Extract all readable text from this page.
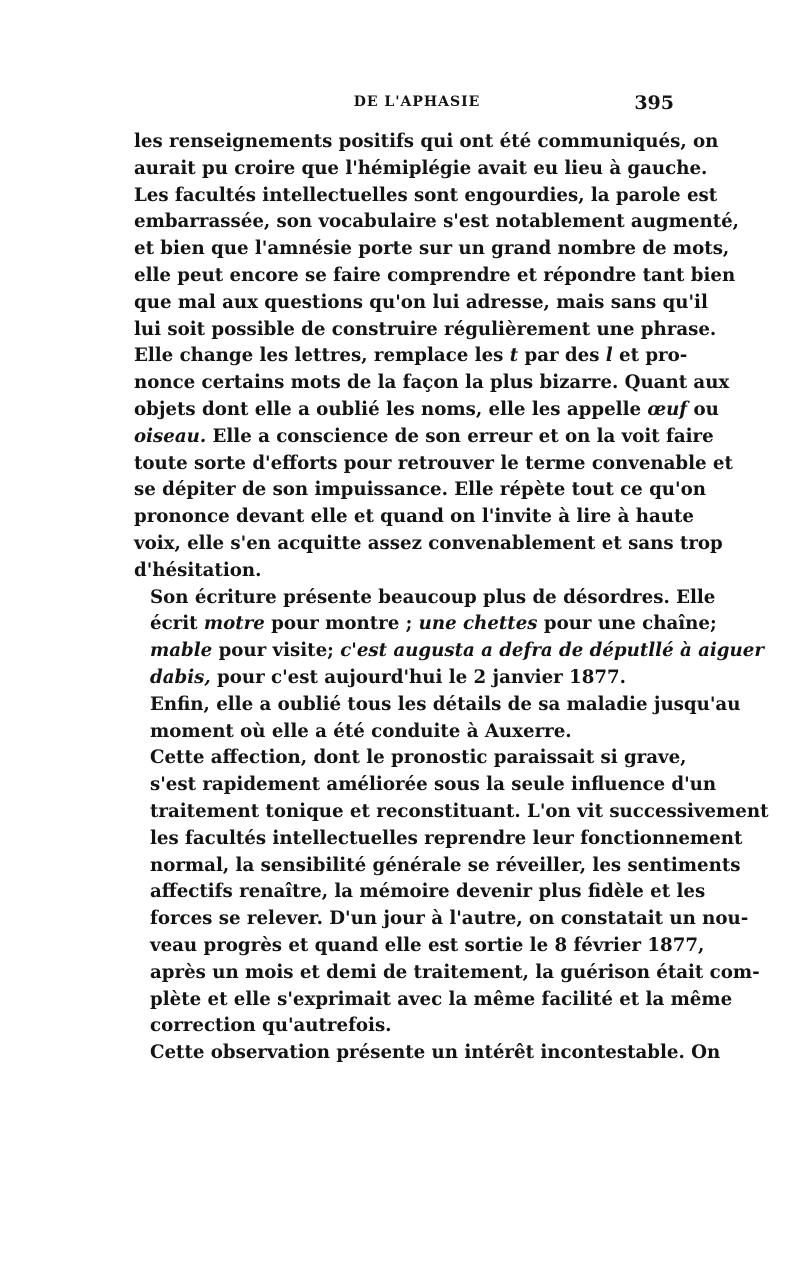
DE L'APHASIE	395

les renseignements positifs qui ont été communiqués, on
aurait pu croire que l'hémiplégie avait eu lieu à gauche.
Les facultés intellectuelles sont engourdies, la parole est
embarrassée, son vocabulaire s'est notablement augmenté,
et bien que l'amnésie porte sur un grand nombre de mots,
elle peut encore se faire comprendre et répondre tant bien
que mal aux questions qu'on lui adresse, mais sans qu'il
lui soit possible de construire régulièrement une phrase.
Elle change les lettres, remplace les t par des l et pro-
nonce certains mots de la façon la plus bizarre. Quant aux
objets dont elle a oublié les noms, elle les appelle œuf ou
oiseau. Elle a conscience de son erreur et on la voit faire
toute sorte d'efforts pour retrouver le terme convenable et
se dépiter de son impuissance. Elle répète tout ce qu'on
prononce devant elle et quand on l'invite à lire à haute
voix, elle s'en acquitte assez convenablement et sans trop
d'hésitation.

Son écriture présente beaucoup plus de désordres. Elle
écrit motre pour montre ; une chettes pour une chaîne;
mable pour visite; c'est augusta a defra de députllé à aiguer
dabis, pour c'est aujourd'hui le 2 janvier 1877.

Enfin, elle a oublié tous les détails de sa maladie jusqu'au
moment où elle a été conduite à Auxerre.

Cette affection, dont le pronostic paraissait si grave,
s'est rapidement améliorée sous la seule influence d'un
traitement tonique et reconstituant. L'on vit successivement
les facultés intellectuelles reprendre leur fonctionnement
normal, la sensibilité générale se réveiller, les sentiments
affectifs renaître, la mémoire devenir plus fidèle et les
forces se relever. D'un jour à l'autre, on constatait un nou-
veau progrès et quand elle est sortie le 8 février 1877,
après un mois et demi de traitement, la guérison était com-
plète et elle s'exprimait avec la même facilité et la même
correction qu'autrefois.

Cette observation présente un intérêt incontestable. On
